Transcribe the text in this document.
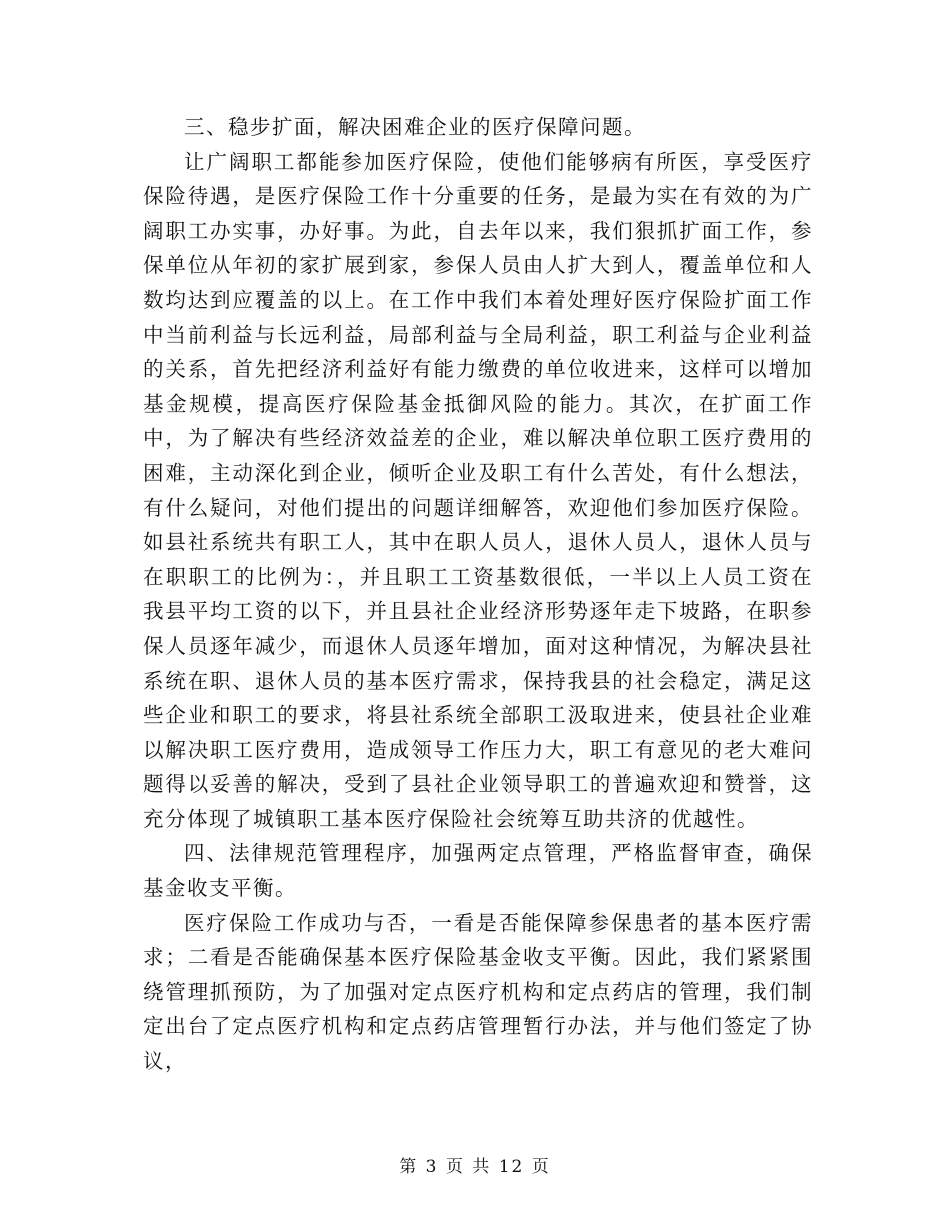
三、稳步扩面，解决困难企业的医疗保障问题。

让广阔职工都能参加医疗保险，使他们能够病有所医，享受医疗保险待遇，是医疗保险工作十分重要的任务，是最为实在有效的为广阔职工办实事，办好事。为此，自去年以来，我们狠抓扩面工作，参保单位从年初的家扩展到家，参保人员由人扩大到人，覆盖单位和人数均达到应覆盖的以上。在工作中我们本着处理好医疗保险扩面工作中当前利益与长远利益，局部利益与全局利益，职工利益与企业利益的关系，首先把经济利益好有能力缴费的单位收进来，这样可以增加基金规模，提高医疗保险基金抵御风险的能力。其次，在扩面工作中，为了解决有些经济效益差的企业，难以解决单位职工医疗费用的困难，主动深化到企业，倾听企业及职工有什么苦处，有什么想法，有什么疑问，对他们提出的问题详细解答，欢迎他们参加医疗保险。如县社系统共有职工人，其中在职人员人，退休人员人，退休人员与在职职工的比例为：，并且职工工资基数很低，一半以上人员工资在我县平均工资的以下，并且县社企业经济形势逐年走下坡路，在职参保人员逐年减少，而退休人员逐年增加，面对这种情况，为解决县社系统在职、退休人员的基本医疗需求，保持我县的社会稳定，满足这些企业和职工的要求，将县社系统全部职工汲取进来，使县社企业难以解决职工医疗费用，造成领导工作压力大，职工有意见的老大难问题得以妥善的解决，受到了县社企业领导职工的普遍欢迎和赞誉，这充分体现了城镇职工基本医疗保险社会统筹互助共济的优越性。

四、法律规范管理程序，加强两定点管理，严格监督审查，确保基金收支平衡。

医疗保险工作成功与否，一看是否能保障参保患者的基本医疗需求；二看是否能确保基本医疗保险基金收支平衡。因此，我们紧紧围绕管理抓预防，为了加强对定点医疗机构和定点药店的管理，我们制定出台了定点医疗机构和定点药店管理暂行办法，并与他们签定了协议，

第 3 页 共 12 页
